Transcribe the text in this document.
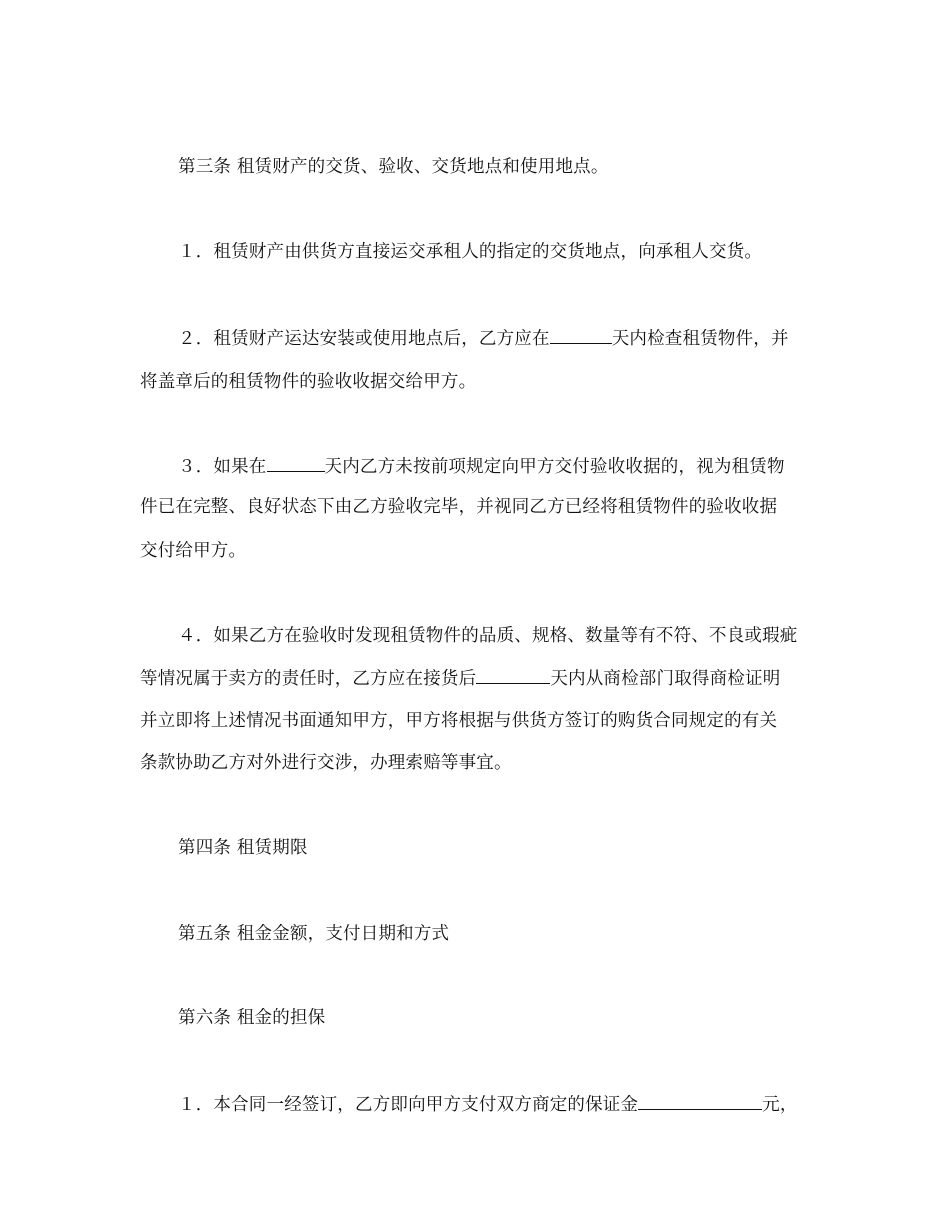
第三条 租赁财产的交货、验收、交货地点和使用地点。
１．租赁财产由供货方直接运交承租人的指定的交货地点，向承租人交货。
２．租赁财产运达安装或使用地点后，乙方应在	天内检查租赁物件，并
将盖章后的租赁物件的验收收据交给甲方。
３．如果在	天内乙方未按前项规定向甲方交付验收收据的，视为租赁物
件已在完整、良好状态下由乙方验收完毕，并视同乙方已经将租赁物件的验收收据
交付给甲方。
４．如果乙方在验收时发现租赁物件的品质、规格、数量等有不符、不良或瑕疵
等情况属于卖方的责任时，乙方应在接货后	天内从商检部门取得商检证明
并立即将上述情况书面通知甲方，甲方将根据与供货方签订的购货合同规定的有关
条款协助乙方对外进行交涉，办理索赔等事宜。
第四条 租赁期限
第五条 租金金额，支付日期和方式
第六条 租金的担保
１．本合同一经签订，乙方即向甲方支付双方商定的保证金	元，
